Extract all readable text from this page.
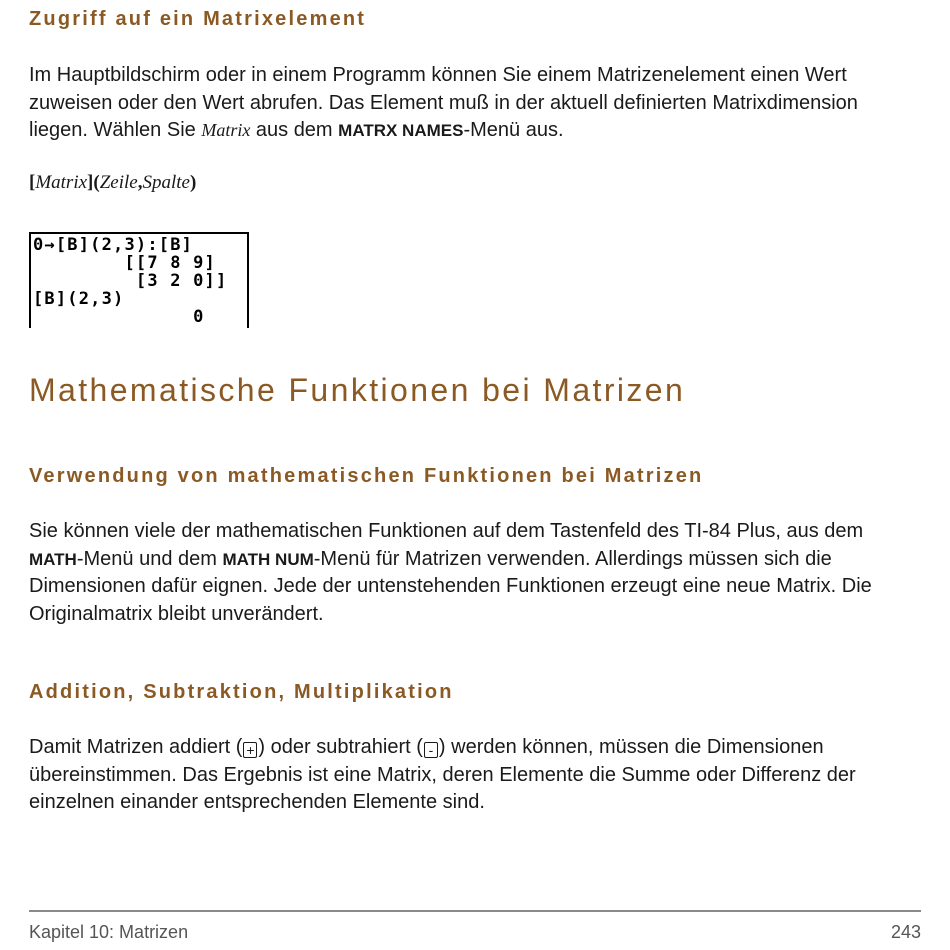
Zugriff auf ein Matrixelement

Im Hauptbildschirm oder in einem Programm können Sie einem Matrizenelement einen Wert zuweisen oder den Wert abrufen. Das Element muß in der aktuell definierten Matrixdimension liegen. Wählen Sie Matrix aus dem MATRX NAMES-Menü aus.

[Matrix](Zeile,Spalte)

0→[B](2,3):[B]
[[7 8 9]
[3 2 0]]
[B](2,3)
0
Mathematische Funktionen bei Matrizen
Verwendung von mathematischen Funktionen bei Matrizen

Sie können viele der mathematischen Funktionen auf dem Tastenfeld des TI-84 Plus, aus dem MATH-Menü und dem MATH NUM-Menü für Matrizen verwenden. Allerdings müssen sich die Dimensionen dafür eignen. Jede der untenstehenden Funktionen erzeugt eine neue Matrix. Die Originalmatrix bleibt unverändert.

Addition, Subtraktion, Multiplikation

Damit Matrizen addiert ( + ) oder subtrahiert ( - ) werden können, müssen die Dimensionen übereinstimmen. Das Ergebnis ist eine Matrix, deren Elemente die Summe oder Differenz der einzelnen einander entsprechenden Elemente sind.

Kapitel 10: Matrizen	243
